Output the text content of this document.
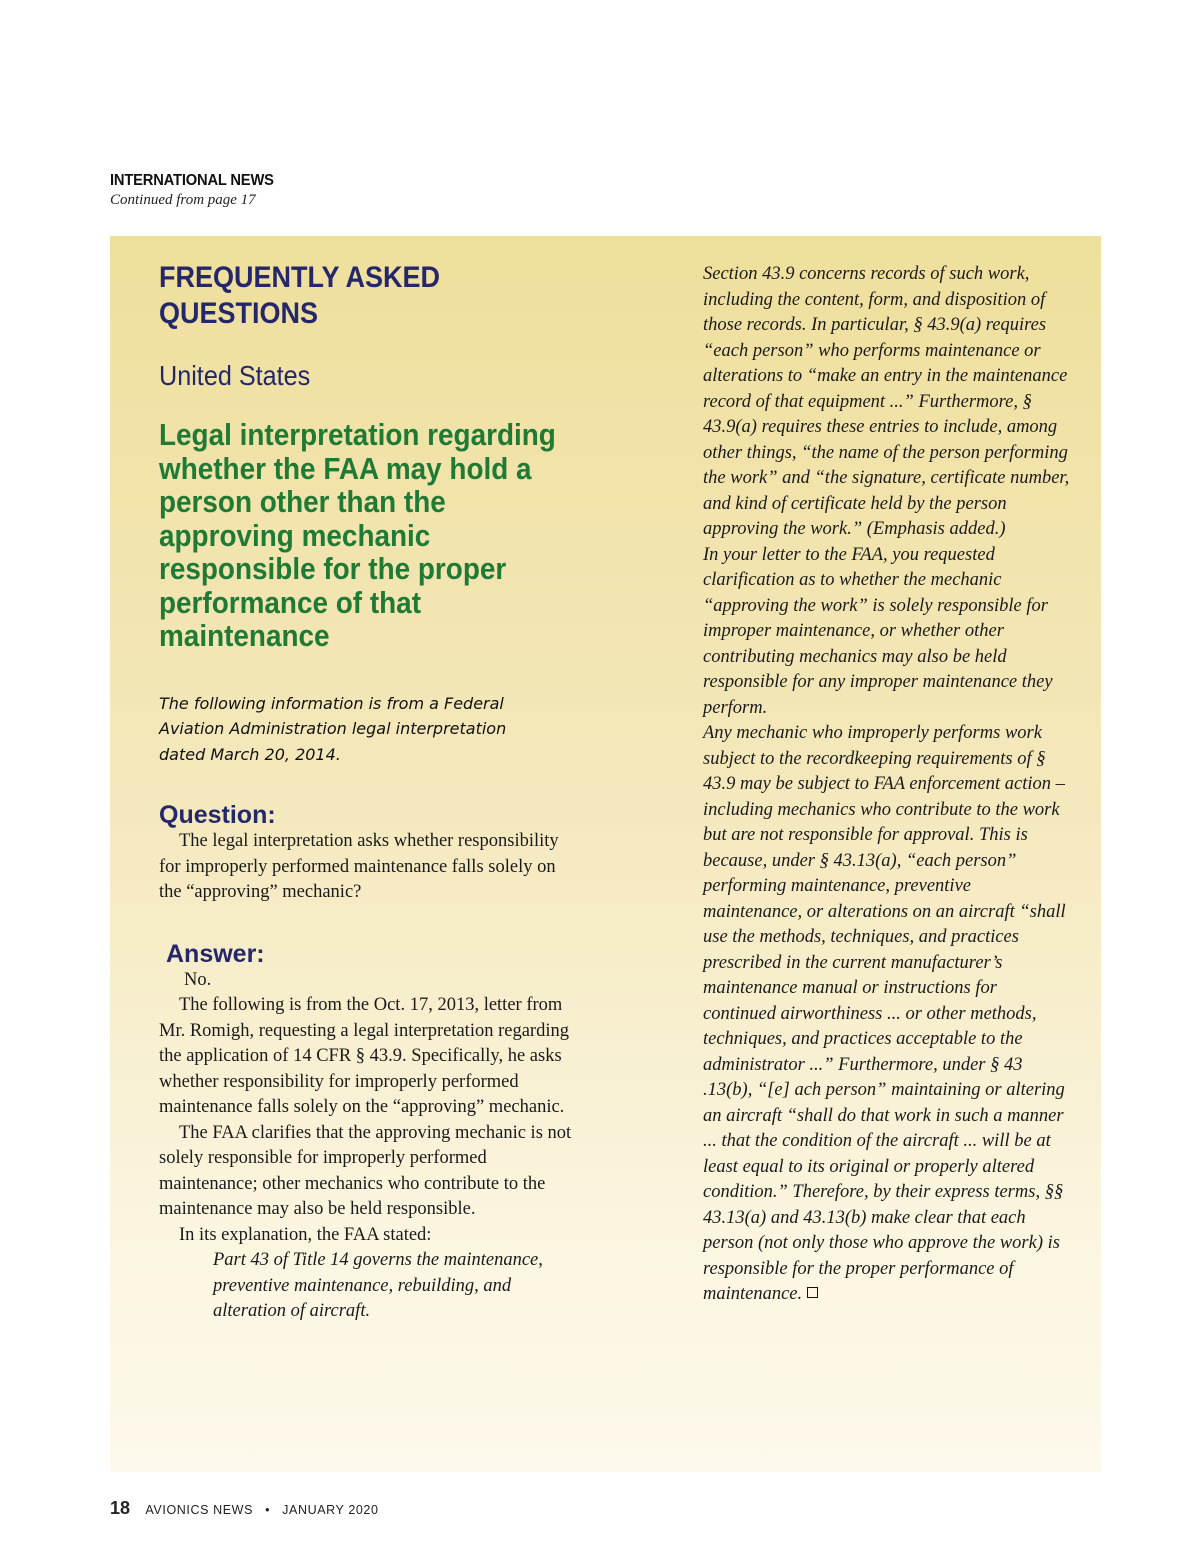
INTERNATIONAL NEWS
Continued from page 17
FREQUENTLY ASKED QUESTIONS
United States
Legal interpretation regarding whether the FAA may hold a person other than the approving mechanic responsible for the proper performance of that maintenance
The following information is from a Federal Aviation Administration legal interpretation dated March 20, 2014.
Question:

The legal interpretation asks whether responsibility for improperly performed maintenance falls solely on the “approving” mechanic?

Answer:

No.

The following is from the Oct. 17, 2013, letter from Mr. Romigh, requesting a legal interpretation regarding the application of 14 CFR § 43.9. Specifically, he asks whether responsibility for improperly performed maintenance falls solely on the “approving” mechanic.

The FAA clarifies that the approving mechanic is not solely responsible for improperly performed maintenance; other mechanics who contribute to the maintenance may also be held responsible.

In its explanation, the FAA stated:

Part 43 of Title 14 governs the maintenance, preventive maintenance, rebuilding, and alteration of aircraft.

Section 43.9 concerns records of such work, including the content, form, and disposition of those records. In particular, § 43.9(a) requires “each person” who performs maintenance or alterations to “make an entry in the maintenance record of that equipment ...” Furthermore, § 43.9(a) requires these entries to include, among other things, “the name of the person performing the work” and “the signature, certificate number, and kind of certificate held by the person approving the work.” (Emphasis added.)

In your letter to the FAA, you requested clarification as to whether the mechanic “approving the work” is solely responsible for improper maintenance, or whether other contributing mechanics may also be held responsible for any improper maintenance they perform.

Any mechanic who improperly performs work subject to the recordkeeping requirements of § 43.9 may be subject to FAA enforcement action – including mechanics who contribute to the work but are not responsible for approval. This is because, under § 43.13(a), “each person” performing maintenance, preventive maintenance, or alterations on an aircraft “shall use the methods, techniques, and practices prescribed in the current manufacturer’s maintenance manual or instructions for continued airworthiness ... or other methods, techniques, and practices acceptable to the administrator ...” Furthermore, under § 43 .13(b), “[e] ach person” maintaining or altering an aircraft “shall do that work in such a manner ... that the condition of the aircraft ... will be at least equal to its original or properly altered condition.” Therefore, by their express terms, §§ 43.13(a) and 43.13(b) make clear that each person (not only those who approve the work) is responsible for the proper performance of maintenance.

18 AVIONICS NEWS • JANUARY 2020
